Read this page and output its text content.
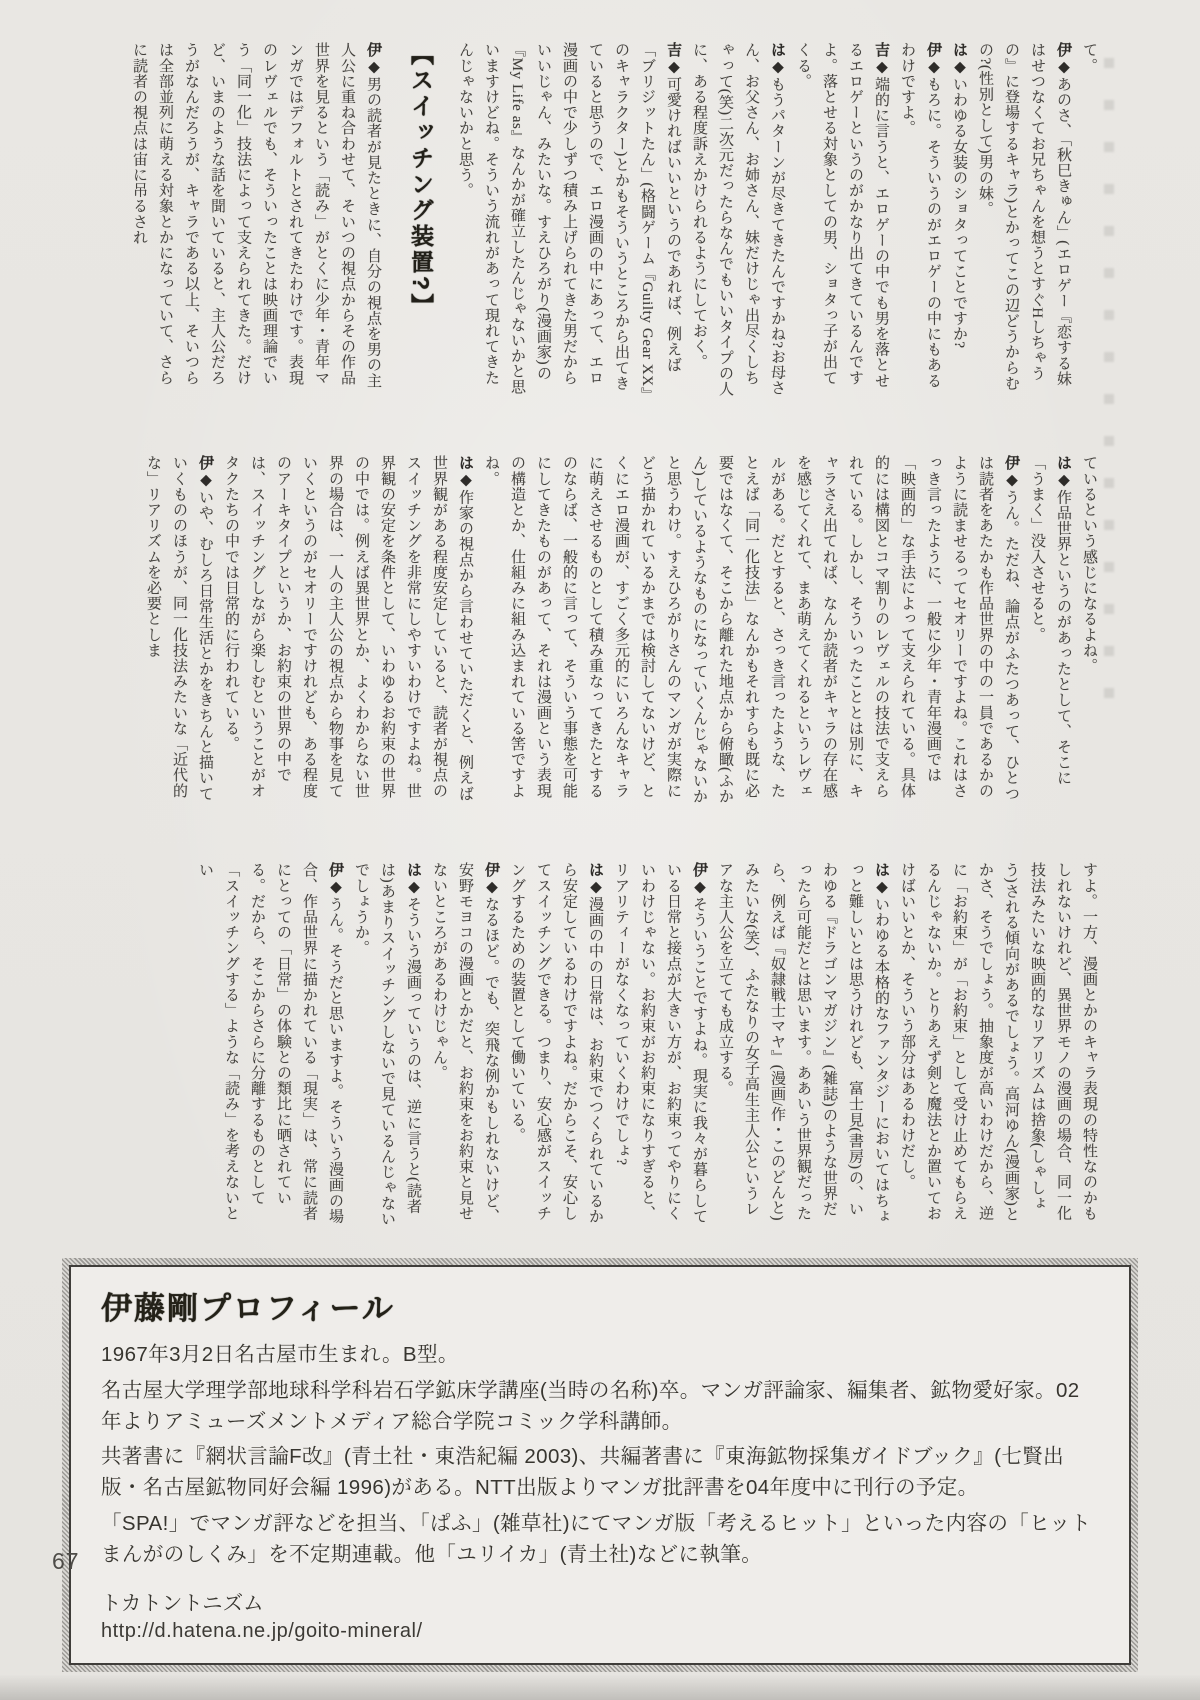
て。

伊◆あのさ、「秋巳きゅん」(エロゲー『恋する妹はせつなくてお兄ちゃんを想うとすぐHしちゃうの』に登場するキャラ)とかってこの辺どうからむの?(性別として)男の妹。

は◆いわゆる女装のショタってことですか?

伊◆もろに。そういうのがエロゲーの中にもあるわけですよ。

吉◆端的に言うと、エロゲーの中でも男を落とせるエロゲーというのがかなり出てきているんですよ。落とせる対象としての男、ショタっ子が出てくる。

は◆もうパターンが尽きてきたんですかね?お母さん、お父さん、お姉さん、妹だけじゃ出尽くしちゃって(笑)二次元だったらなんでもいいタイプの人に、ある程度訴えかけられるようにしておく。

吉◆可愛ければいいというのであれば、例えば「ブリジットたん」(格闘ゲーム『Guilty Gear XX』のキャラクター)とかもそういうところから出てきていると思うので、エロ漫画の中にあって、エロ漫画の中で少しずつ積み上げられてきた男だからいいじゃん、みたいな。すえひろがり(漫画家)の『My Life as』なんかが確立したんじゃないかと思いますけどね。そういう流れがあって現れてきたんじゃないかと思う。

【スイッチング装置?】

伊◆男の読者が見たときに、自分の視点を男の主人公に重ね合わせて、そいつの視点からその作品世界を見るという「読み」がとくに少年・青年マンガではデフォルトとされてきたわけです。表現のレヴェルでも、そういったことは映画理論でいう「同一化」技法によって支えられてきた。だけど、いまのような話を聞いていると、主人公だろうがなんだろうが、キャラである以上、そいつらは全部並列に萌える対象とかになっていて、さらに読者の視点は宙に吊るされ

ているという感じになるよね。

は◆作品世界というのがあったとして、そこに「うまく」没入させると。

伊◆うん。ただね、論点がふたつあって、ひとつは読者をあたかも作品世界の中の一員であるかのように読ませるってセオリーですよね。これはさっき言ったように、一般に少年・青年漫画では「映画的」な手法によって支えられている。具体的には構図とコマ割りのレヴェルの技法で支えられている。しかし、そういったこととは別に、キャラさえ出てれば、なんか読者がキャラの存在感を感じてくれて、まあ萌えてくれるというレヴェルがある。だとすると、さっき言ったような、たとえば「同一化技法」なんかもそれすらも既に必要ではなくて、そこから離れた地点から俯瞰(ふかん)しているようなものになっていくんじゃないかと思うわけ。すえひろがりさんのマンガが実際にどう描かれているかまでは検討してないけど、とくにエロ漫画が、すごく多元的にいろんなキャラに萌えさせるものとして積み重なってきたとするのならば、一般的に言って、そういう事態を可能にしてきたものがあって、それは漫画という表現の構造とか、仕組みに組み込まれている筈ですよね。

は◆作家の視点から言わせていただくと、例えば世界観がある程度安定していると、読者が視点のスイッチングを非常にしやすいわけですよね。世界観の安定を条件として、いわゆるお約束の世界の中では。例えば異世界とか、よくわからない世界の場合は、一人の主人公の視点から物事を見ていくというのがセオリーですけれども、ある程度のアーキタイプというか、お約束の世界の中では、スイッチングしながら楽しむということがオタクたちの中では日常的に行われている。

伊◆いや、むしろ日常生活とかをきちんと描いていくもののほうが、同一化技法みたいな「近代的な」リアリズムを必要としま

すよ。一方、漫画とかのキャラ表現の特性なのかもしれないけれど、異世界モノの漫画の場合、同一化技法みたいな映画的なリアリズムは捨象(しゃしょう)される傾向があるでしょう。高河ゆん(漫画家)とかさ、そうでしょう。抽象度が高いわけだから、逆に「お約束」が「お約束」として受け止めてもらえるんじゃないか。とりあえず剣と魔法とか置いておけばいいとか、そういう部分はあるわけだし。

は◆いわゆる本格的なファンタジーにおいてはちょっと難しいとは思うけれども、富士見(書房)の、いわゆる『ドラゴンマガジン』(雑誌)のような世界だったら可能だとは思います。ああいう世界観だったら、例えば『奴隷戦士マヤ』(漫画/作・このどんと)みたいな(笑)、ふたなりの女子高生主人公というレアな主人公を立てても成立する。

伊◆そういうことですよね。現実に我々が暮らしている日常と接点が大きい方が、お約束ってやりにくいわけじゃない。お約束がお約束になりすぎると、リアリティーがなくなっていくわけでしょ?

は◆漫画の中の日常は、お約束でつくられているから安定しているわけですよね。だからこそ、安心してスイッチングできる。つまり、安心感がスイッチングするための装置として働いている。

伊◆なるほど。でも、突飛な例かもしれないけど、安野モヨコの漫画とかだと、お約束をお約束と見せないところがあるわけじゃん。

は◆そういう漫画っていうのは、逆に言うと(読者は)あまりスイッチングしないで見ているんじゃないでしょうか。

伊◆うん。そうだと思いますよ。そういう漫画の場合、作品世界に描かれている「現実」は、常に読者にとっての「日常」の体験との類比に晒されている。だから、そこからさらに分離するものとして「スイッチングする」ような「読み」を考えないとい

伊藤剛プロフィール

1967年3月2日名古屋市生まれ。B型。

名古屋大学理学部地球科学科岩石学鉱床学講座(当時の名称)卒。マンガ評論家、編集者、鉱物愛好家。02年よりアミューズメントメディア総合学院コミック学科講師。

共著書に『網状言論F改』(青土社・東浩紀編 2003)、共編著書に『東海鉱物採集ガイドブック』(七賢出版・名古屋鉱物同好会編 1996)がある。NTT出版よりマンガ批評書を04年度中に刊行の予定。

「SPA!」でマンガ評などを担当、「ぱふ」(雑草社)にてマンガ版「考えるヒット」といった内容の「ヒットまんがのしくみ」を不定期連載。他「ユリイカ」(青土社)などに執筆。

トカトントニズム

http://d.hatena.ne.jp/goito-mineral/

67
